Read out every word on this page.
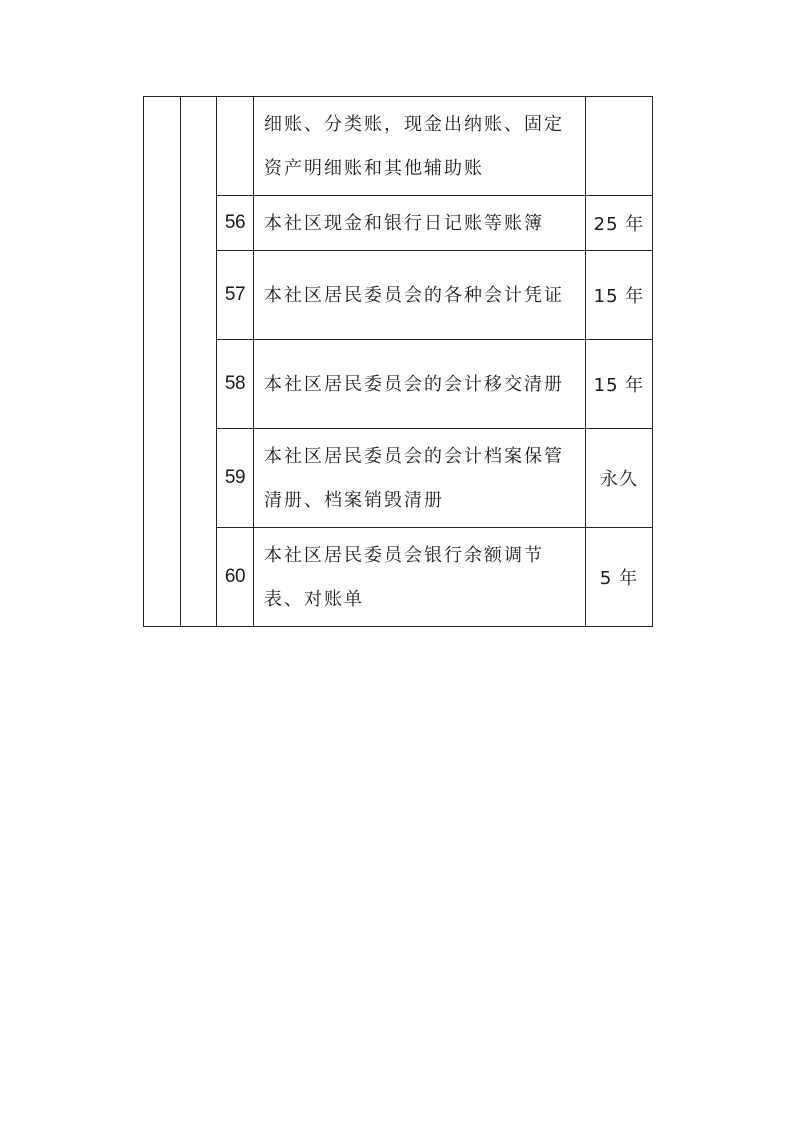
			细账、分类账，现金出纳账、固定资产明细账和其他辅助账	
		56	本社区现金和银行日记账等账簿	25 年
		57	本社区居民委员会的各种会计凭证	15 年
		58	本社区居民委员会的会计移交清册	15 年
		59	本社区居民委员会的会计档案保管清册、档案销毁清册	永久
		60	本社区居民委员会银行余额调节表、对账单	5 年
